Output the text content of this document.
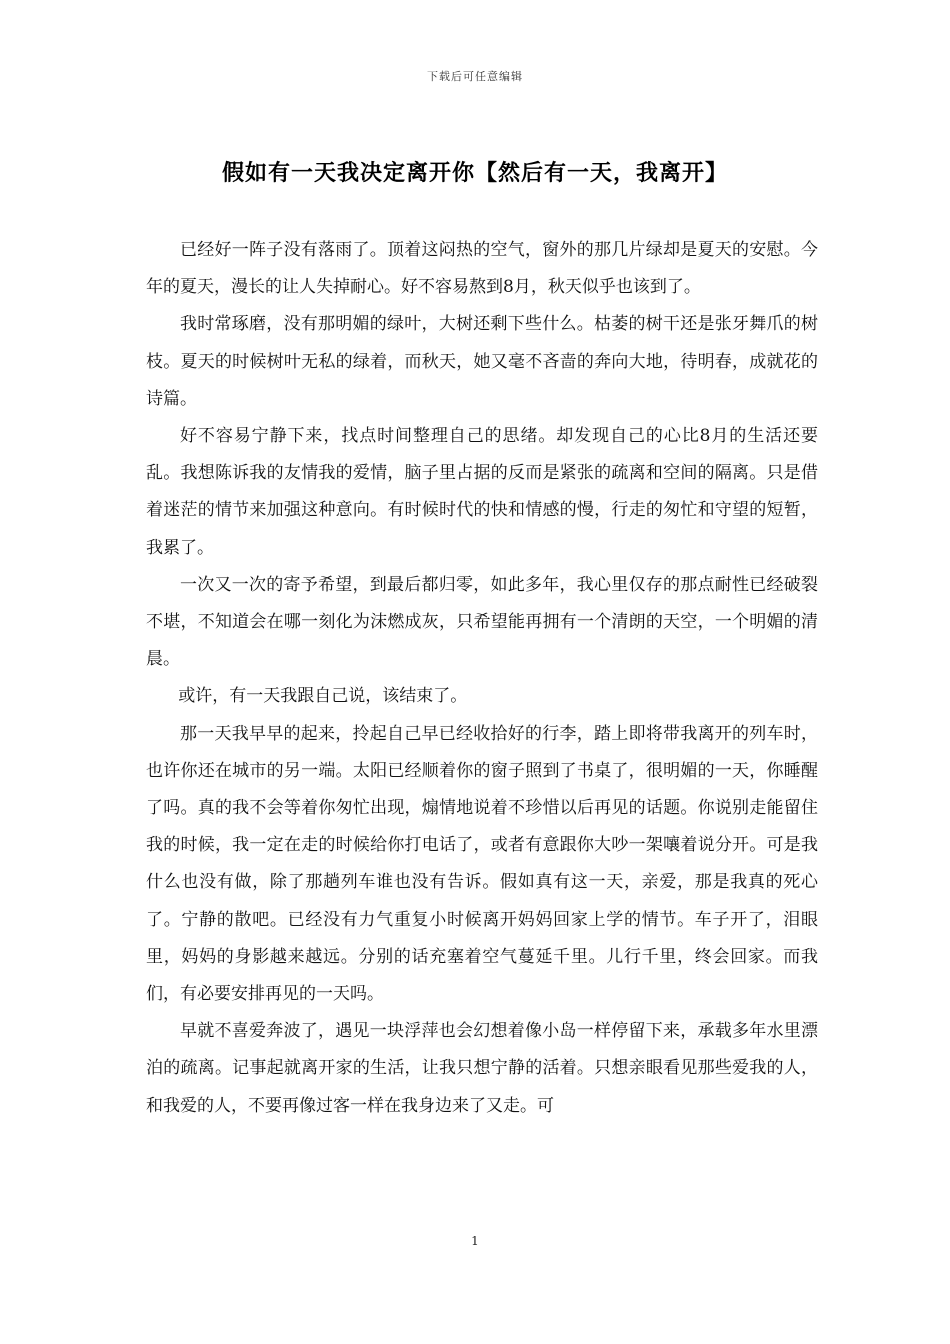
下载后可任意编辑
假如有一天我决定离开你【然后有一天，我离开】

已经好一阵子没有落雨了。顶着这闷热的空气，窗外的那几片绿却是夏天的安慰。今年的夏天，漫长的让人失掉耐心。好不容易熬到8月，秋天似乎也该到了。

我时常琢磨，没有那明媚的绿叶，大树还剩下些什么。枯萎的树干还是张牙舞爪的树枝。夏天的时候树叶无私的绿着，而秋天，她又毫不吝啬的奔向大地，待明春，成就花的诗篇。

好不容易宁静下来，找点时间整理自己的思绪。却发现自己的心比8月的生活还要乱。我想陈诉我的友情我的爱情，脑子里占据的反而是紧张的疏离和空间的隔离。只是借着迷茫的情节来加强这种意向。有时候时代的快和情感的慢，行走的匆忙和守望的短暂，我累了。

一次又一次的寄予希望，到最后都归零，如此多年，我心里仅存的那点耐性已经破裂不堪，不知道会在哪一刻化为沫燃成灰，只希望能再拥有一个清朗的天空，一个明媚的清晨。

或许，有一天我跟自己说，该结束了。

那一天我早早的起来，拎起自己早已经收拾好的行李，踏上即将带我离开的列车时，也许你还在城市的另一端。太阳已经顺着你的窗子照到了书桌了，很明媚的一天，你睡醒了吗。真的我不会等着你匆忙出现，煽情地说着不珍惜以后再见的话题。你说别走能留住我的时候，我一定在走的时候给你打电话了，或者有意跟你大吵一架嚷着说分开。可是我什么也没有做，除了那趟列车谁也没有告诉。假如真有这一天，亲爱，那是我真的死心了。宁静的散吧。已经没有力气重复小时候离开妈妈回家上学的情节。车子开了，泪眼里，妈妈的身影越来越远。分别的话充塞着空气蔓延千里。儿行千里，终会回家。而我们，有必要安排再见的一天吗。

早就不喜爱奔波了，遇见一块浮萍也会幻想着像小岛一样停留下来，承载多年水里漂泊的疏离。记事起就离开家的生活，让我只想宁静的活着。只想亲眼看见那些爱我的人，和我爱的人，不要再像过客一样在我身边来了又走。可

1
